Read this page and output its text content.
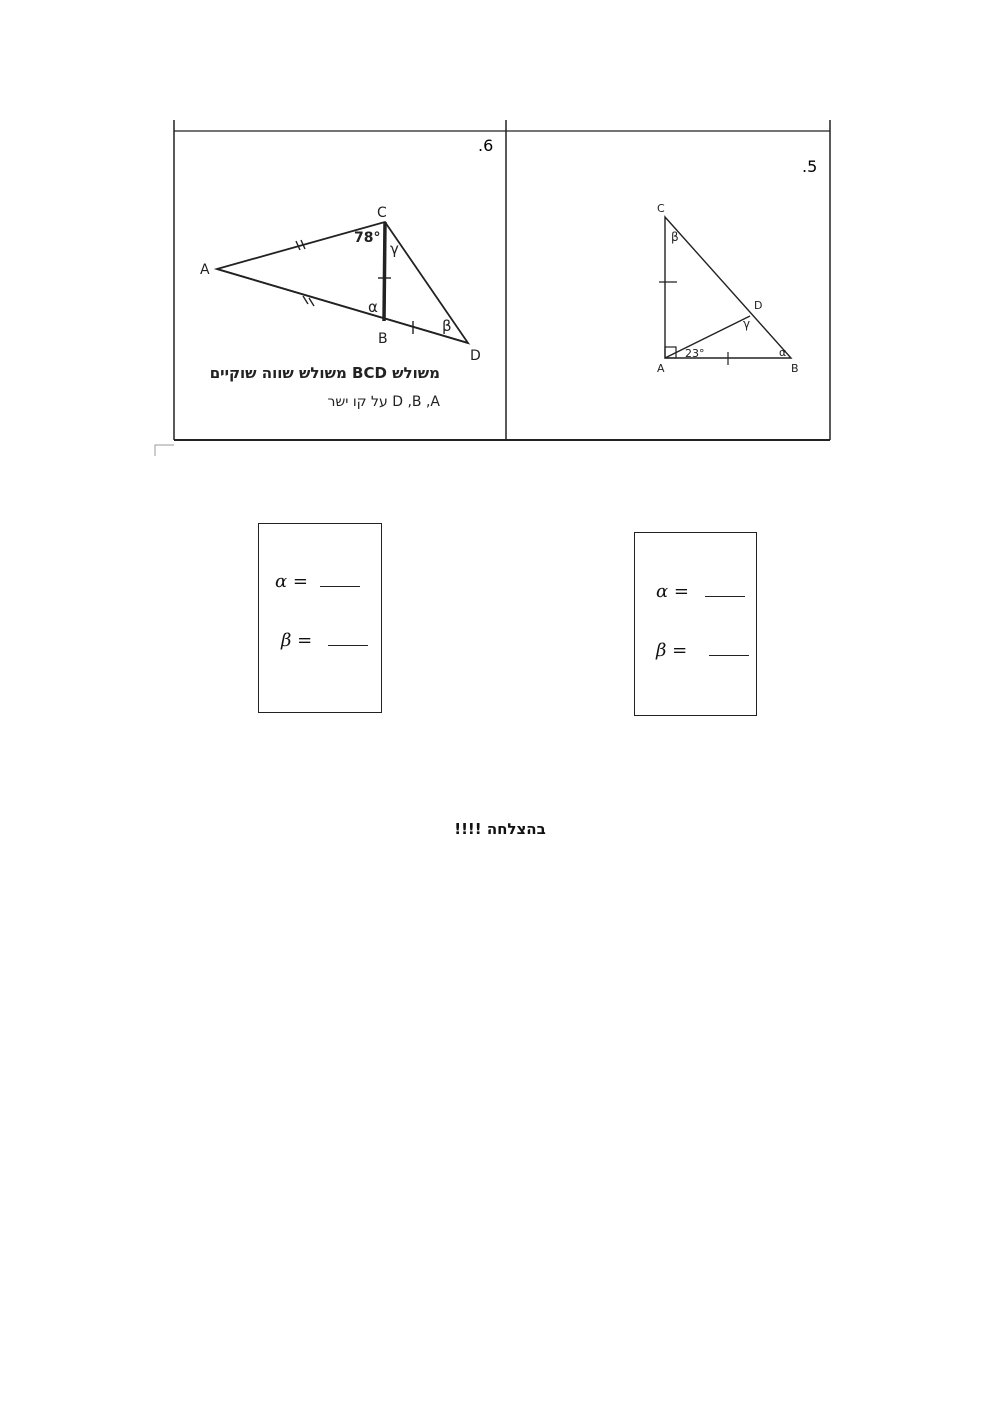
.6
.5
A
C
B
D
78°
γ
α
β
משולש BCD משולש שווה שוקיים
D ,B ,A על קו ישר
C
D
A	B
23°
β
γ
α
α =
β =
α =
β =
בהצלחה !!!!
